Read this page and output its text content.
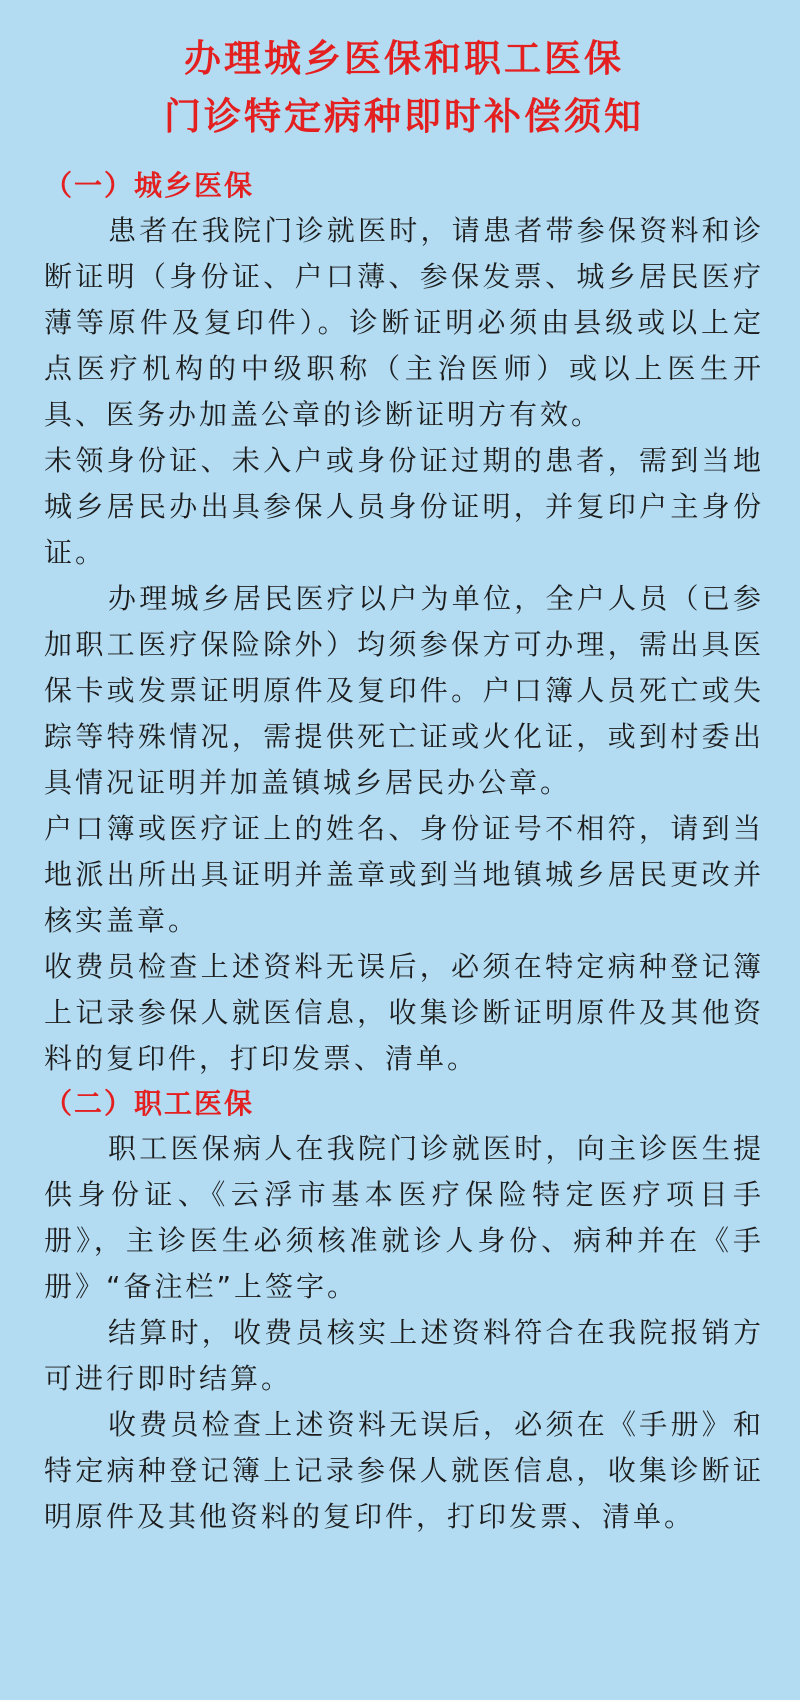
办理城乡医保和职工医保
门诊特定病种即时补偿须知
（一）城乡医保

患者在我院门诊就医时，请患者带参保资料和诊断证明（身份证、户口薄、参保发票、城乡居民医疗薄等原件及复印件）。诊断证明必须由县级或以上定点医疗机构的中级职称（主治医师）或以上医生开具、医务办加盖公章的诊断证明方有效。

未领身份证、未入户或身份证过期的患者，需到当地城乡居民办出具参保人员身份证明，并复印户主身份证。

办理城乡居民医疗以户为单位，全户人员（已参加职工医疗保险除外）均须参保方可办理，需出具医保卡或发票证明原件及复印件。户口簿人员死亡或失踪等特殊情况，需提供死亡证或火化证，或到村委出具情况证明并加盖镇城乡居民办公章。

户口簿或医疗证上的姓名、身份证号不相符，请到当地派出所出具证明并盖章或到当地镇城乡居民更改并核实盖章。

收费员检查上述资料无误后，必须在特定病种登记簿上记录参保人就医信息，收集诊断证明原件及其他资料的复印件，打印发票、清单。

（二）职工医保

职工医保病人在我院门诊就医时，向主诊医生提供身份证、《云浮市基本医疗保险特定医疗项目手册》，主诊医生必须核准就诊人身份、病种并在《手册》“备注栏”上签字。

结算时，收费员核实上述资料符合在我院报销方可进行即时结算。

收费员检查上述资料无误后，必须在《手册》和特定病种登记簿上记录参保人就医信息，收集诊断证明原件及其他资料的复印件，打印发票、清单。
